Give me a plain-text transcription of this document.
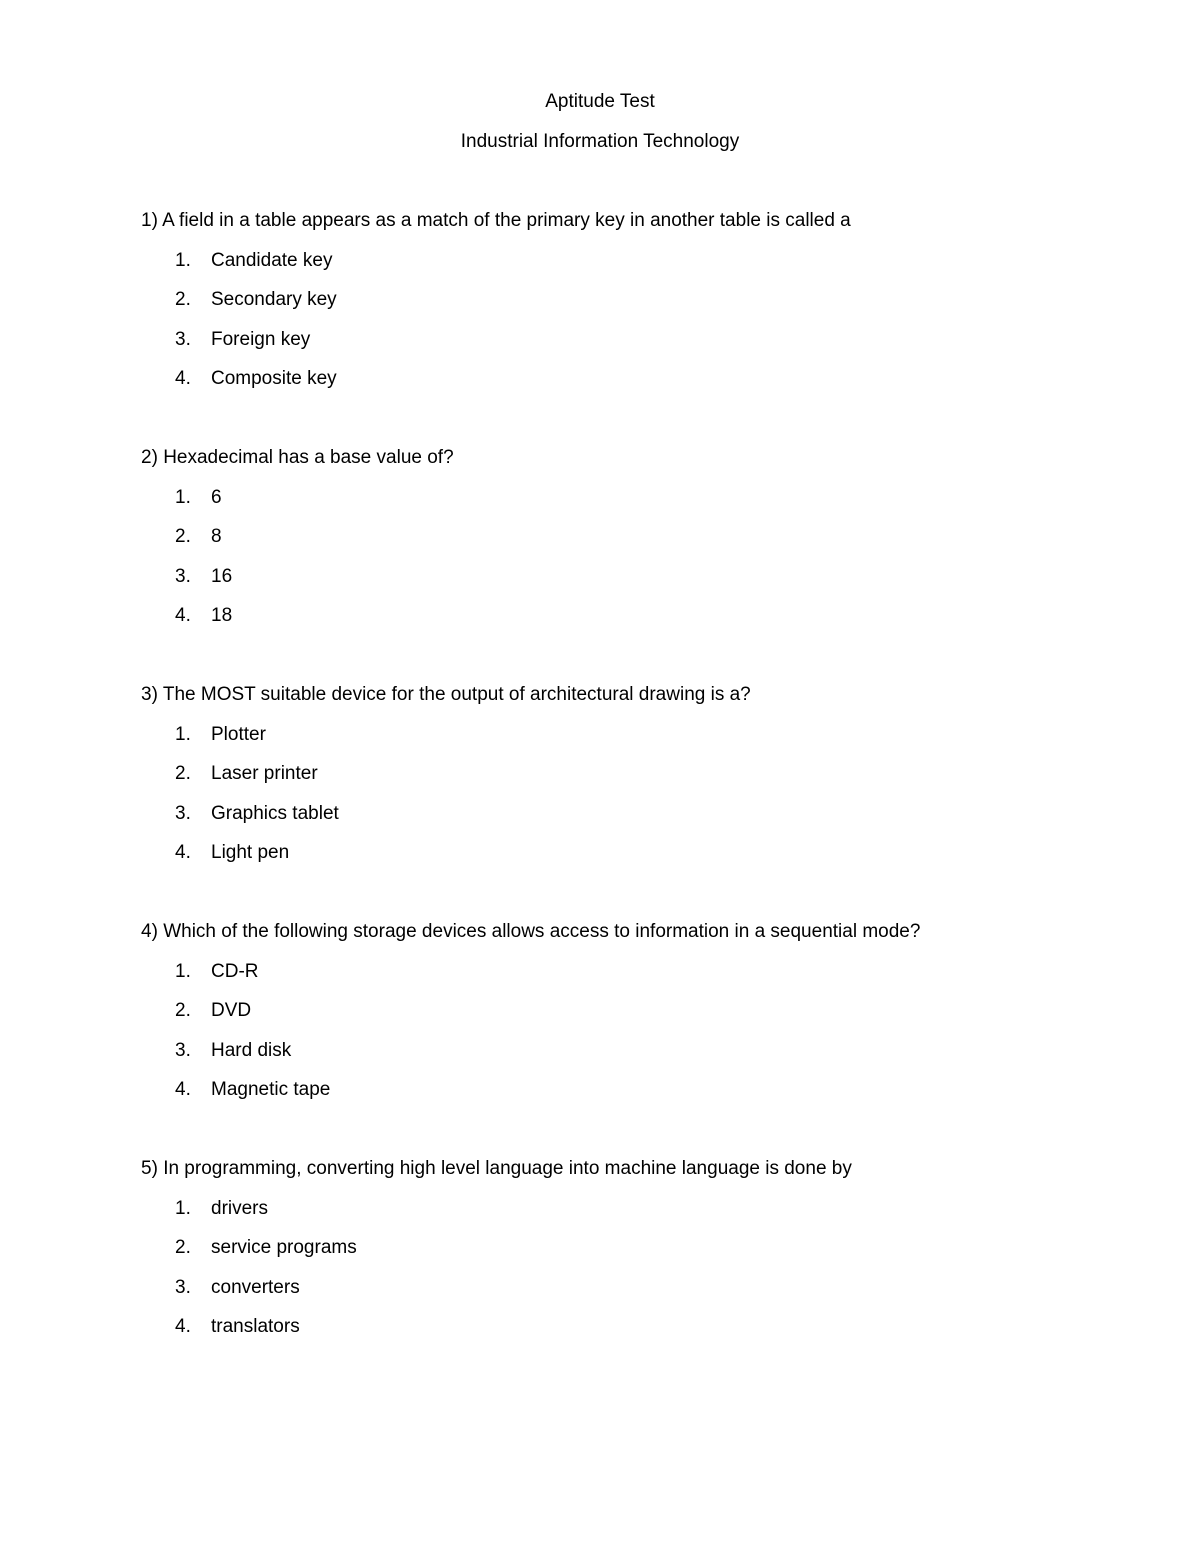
Aptitude Test
Industrial Information Technology

1 ) A field in a table appears as a match of the primary key in another table is called a

1 . Candidate key
2 . Secondary key
3 . Foreign key
4 . Composite key

2 ) Hexadecimal has a base value of?

1 . 6
2 . 8
3 . 16
4 . 18

3 ) The MOST suitable device for the output of architectural drawing is a?

1 . Plotter
2 . Laser printer
3 . Graphics tablet
4 . Light pen

4 ) Which of the following storage devices allows access to information in a sequential mode?

1 . CD-R
2 . DVD
3 . Hard disk
4 . Magnetic tape

5 ) In programming, converting high level language into machine language is done by

1 . drivers
2 . service programs
3 . converters
4 . translators
